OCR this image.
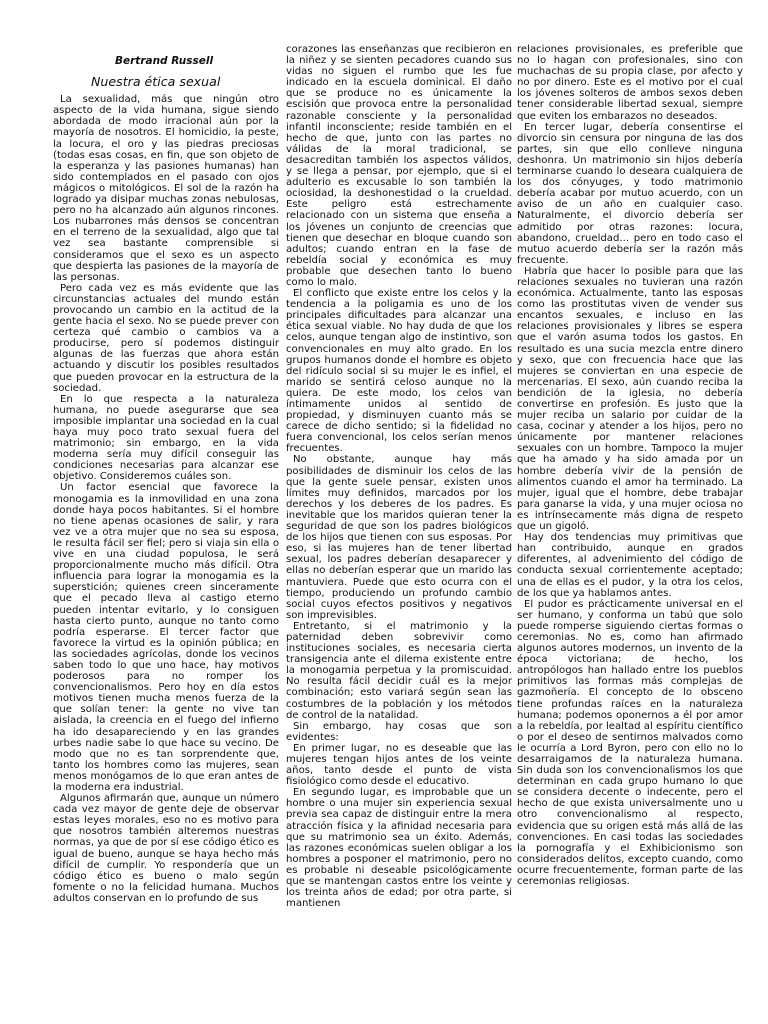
Bertrand Russell
Nuestra ética sexual

La sexualidad, más que ningún otro aspecto de la vida humana, sigue siendo abordada de modo irracional aún por la mayoría de nosotros. El homicidio, la peste, la locura, el oro y las piedras preciosas (todas esas cosas, en fin, que son objeto de la esperanza y las pasiones humanas) han sido contemplados en el pasado con ojos mágicos o mitológicos. El sol de la razón ha logrado ya disipar muchas zonas nebulosas, pero no ha alcanzado aún algunos rincones. Los nubarrones más densos se concentran en el terreno de la sexualidad, algo que tal vez sea bastante comprensible si consideramos que el sexo es un aspecto que despierta las pasiones de la mayoría de las personas.

Pero cada vez es más evidente que las circunstancias actuales del mundo están provocando un cambio en la actitud de la gente hacia el sexo. No se puede prever con certeza qué cambio o cambios va a producirse, pero sí podemos distinguir algunas de las fuerzas que ahora están actuando y discutir los posibles resultados que pueden provocar en la estructura de la sociedad.

En lo que respecta a la naturaleza humana, no puede asegurarse que sea imposible implantar una sociedad en la cual haya muy poco trato sexual fuera del matrimonio; sin embargo, en la vida moderna sería muy difícil conseguir las condiciones necesarias para alcanzar ese objetivo. Consideremos cuáles son.

Un factor esencial que favorece la monogamia es la inmovilidad en una zona donde haya pocos habitantes. Si el hombre no tiene apenas ocasiones de salir, y rara vez ve a otra mujer que no sea su esposa, le resulta fácil ser fiel; pero si viaja sin ella o vive en una ciudad populosa, le será proporcionalmente mucho más difícil. Otra influencia para lograr la monogamia es la superstición; quienes creen sinceramente que el pecado lleva al castigo eterno pueden intentar evitarlo, y lo consiguen hasta cierto punto, aunque no tanto como podría esperarse. El tercer factor que favorece la virtud es la opinión pública; en las sociedades agrícolas, donde los vecinos saben todo lo que uno hace, hay motivos poderosos para no romper los convencionalismos. Pero hoy en día estos motivos tienen mucha menos fuerza de la que solían tener: la gente no vive tan aislada, la creencia en el fuego del infierno ha ido desapareciendo y en las grandes urbes nadie sabe lo que hace su vecino. De modo que no es tan sorprendente que, tanto los hombres como las mujeres, sean menos monógamos de lo que eran antes de la moderna era industrial.

Algunos afirmarán que, aunque un número cada vez mayor de gente deje de observar estas leyes morales, eso no es motivo para que nosotros también alteremos nuestras normas, ya que de por sí ese código ético es igual de bueno, aunque se haya hecho más difícil de cumplir. Yo respondería que un código ético es bueno o malo según fomente o no la felicidad humana. Muchos adultos conservan en lo profundo de sus

corazones las enseñanzas que recibieron en la niñez y se sienten pecadores cuando sus vidas no siguen el rumbo que les fue indicado en la escuela dominical. El daño que se produce no es únicamente la escisión que provoca entre la personalidad razonable consciente y la personalidad infantil inconsciente; reside también en el hecho de que, junto con las partes no válidas de la moral tradicional, se desacreditan también los aspectos válidos, y se llega a pensar, por ejemplo, que si el adulterio es excusable lo son también la ociosidad, la deshonestidad o la crueldad. Este peligro está estrechamente relacionado con un sistema que enseña a los jóvenes un conjunto de creencias que tienen que desechar en bloque cuando son adultos; cuando entran en la fase de rebeldía social y económica es muy probable que desechen tanto lo bueno como lo malo.

El conflicto que existe entre los celos y la tendencia a la poligamia es uno de los principales dificultades para alcanzar una ética sexual viable. No hay duda de que los celos, aunque tengan algo de instintivo, son convencionales en muy alto grado. En los grupos humanos donde el hombre es objeto del ridículo social si su mujer le es infiel, el marido se sentirá celoso aunque no la quiera. De este modo, los celos van íntimamente unidos al sentido de propiedad, y disminuyen cuanto más se carece de dicho sentido; si la fidelidad no fuera convencional, los celos serían menos frecuentes.

No obstante, aunque hay más posibilidades de disminuir los celos de las que la gente suele pensar, existen unos límites muy definidos, marcados por los derechos y los deberes de los padres. Es inevitable que los maridos quieran tener la seguridad de que son los padres biológicos de los hijos que tienen con sus esposas. Por eso, si las mujeres han de tener libertad sexual, los padres deberían desaparecer y ellas no deberían esperar que un marido las mantuviera. Puede que esto ocurra con el tiempo, produciendo un profundo cambio social cuyos efectos positivos y negativos son imprevisibles.

Entretanto, si el matrimonio y la paternidad deben sobrevivir como instituciones sociales, es necesaria cierta transigencia ante el dilema existente entre la monogamia perpetua y la promiscuidad. No resulta fácil decidir cuál es la mejor combinación; esto variará según sean las costumbres de la población y los métodos de control de la natalidad.

Sin embargo, hay cosas que son evidentes:

En primer lugar, no es deseable que las mujeres tengan hijos antes de los veinte años, tanto desde el punto de vista fisiológico como desde el educativo.

En segundo lugar, es improbable que un hombre o una mujer sin experiencia sexual previa sea capaz de distinguir entre la mera atracción física y la afinidad necesaria para que su matrimonio sea un éxito. Además, las razones económicas suelen obligar a los hombres a posponer el matrimonio, pero no es probable ni deseable psicológicamente que se mantengan castos entre los veinte y los treinta años de edad; por otra parte, si mantienen

relaciones provisionales, es preferible que no lo hagan con profesionales, sino con muchachas de su propia clase, por afecto y no por dinero. Este es el motivo por el cual los jóvenes solteros de ambos sexos deben tener considerable libertad sexual, siempre que eviten los embarazos no deseados.

En tercer lugar, debería consentirse el divorcio sin censura por ninguna de las dos partes, sin que ello conlleve ninguna deshonra. Un matrimonio sin hijos debería terminarse cuando lo deseara cualquiera de los dos cónyuges, y todo matrimonio debería acabar por mutuo acuerdo, con un aviso de un año en cualquier caso. Naturalmente, el divorcio debería ser admitido por otras razones: locura, abandono, crueldad... pero en todo caso el mutuo acuerdo debería ser la razón más frecuente.

Habría que hacer lo posible para que las relaciones sexuales no tuvieran una razón económica. Actualmente, tanto las esposas como las prostitutas viven de vender sus encantos sexuales, e incluso en las relaciones provisionales y libres se espera que el varón asuma todos los gastos. En resultado es una sucia mezcla entre dinero y sexo, que con frecuencia hace que las mujeres se conviertan en una especie de mercenarias. El sexo, aún cuando reciba la bendición de la iglesia, no debería convertirse en profesión. Es justo que la mujer reciba un salario por cuidar de la casa, cocinar y atender a los hijos, pero no únicamente por mantener relaciones sexuales con un hombre. Tampoco la mujer que ha amado y ha sido amada por un hombre debería vivir de la pensión de alimentos cuando el amor ha terminado. La mujer, igual que el hombre, debe trabajar para ganarse la vida, y una mujer ociosa no es intrínsecamente más digna de respeto que un gigoló.

Hay dos tendencias muy primitivas que han contribuido, aunque en grados diferentes, al advenimiento del código de conducta sexual corrientemente aceptado; una de ellas es el pudor, y la otra los celos, de los que ya hablamos antes.

El pudor es prácticamente universal en el ser humano, y conforma un tabú que solo puede romperse siguiendo ciertas formas o ceremonias. No es, como han afirmado algunos autores modernos, un invento de la época victoriana; de hecho, los antropólogos han hallado entre los pueblos primitivos las formas más complejas de gazmoñería. El concepto de lo obsceno tiene profundas raíces en la naturaleza humana; podemos oponernos a él por amor a la rebeldía, por lealtad al espíritu científico o por el deseo de sentirnos malvados como le ocurría a Lord Byron, pero con ello no lo desarraigamos de la naturaleza humana. Sin duda son los convencionalismos los que determinan en cada grupo humano lo que se considera decente o indecente, pero el hecho de que exista universalmente uno u otro convencionalismo al respecto, evidencia que su origen está más allá de las convenciones. En casi todas las sociedades la pornografía y el Exhibicionismo son considerados delitos, excepto cuando, como ocurre frecuentemente, forman parte de las ceremonias religiosas.
